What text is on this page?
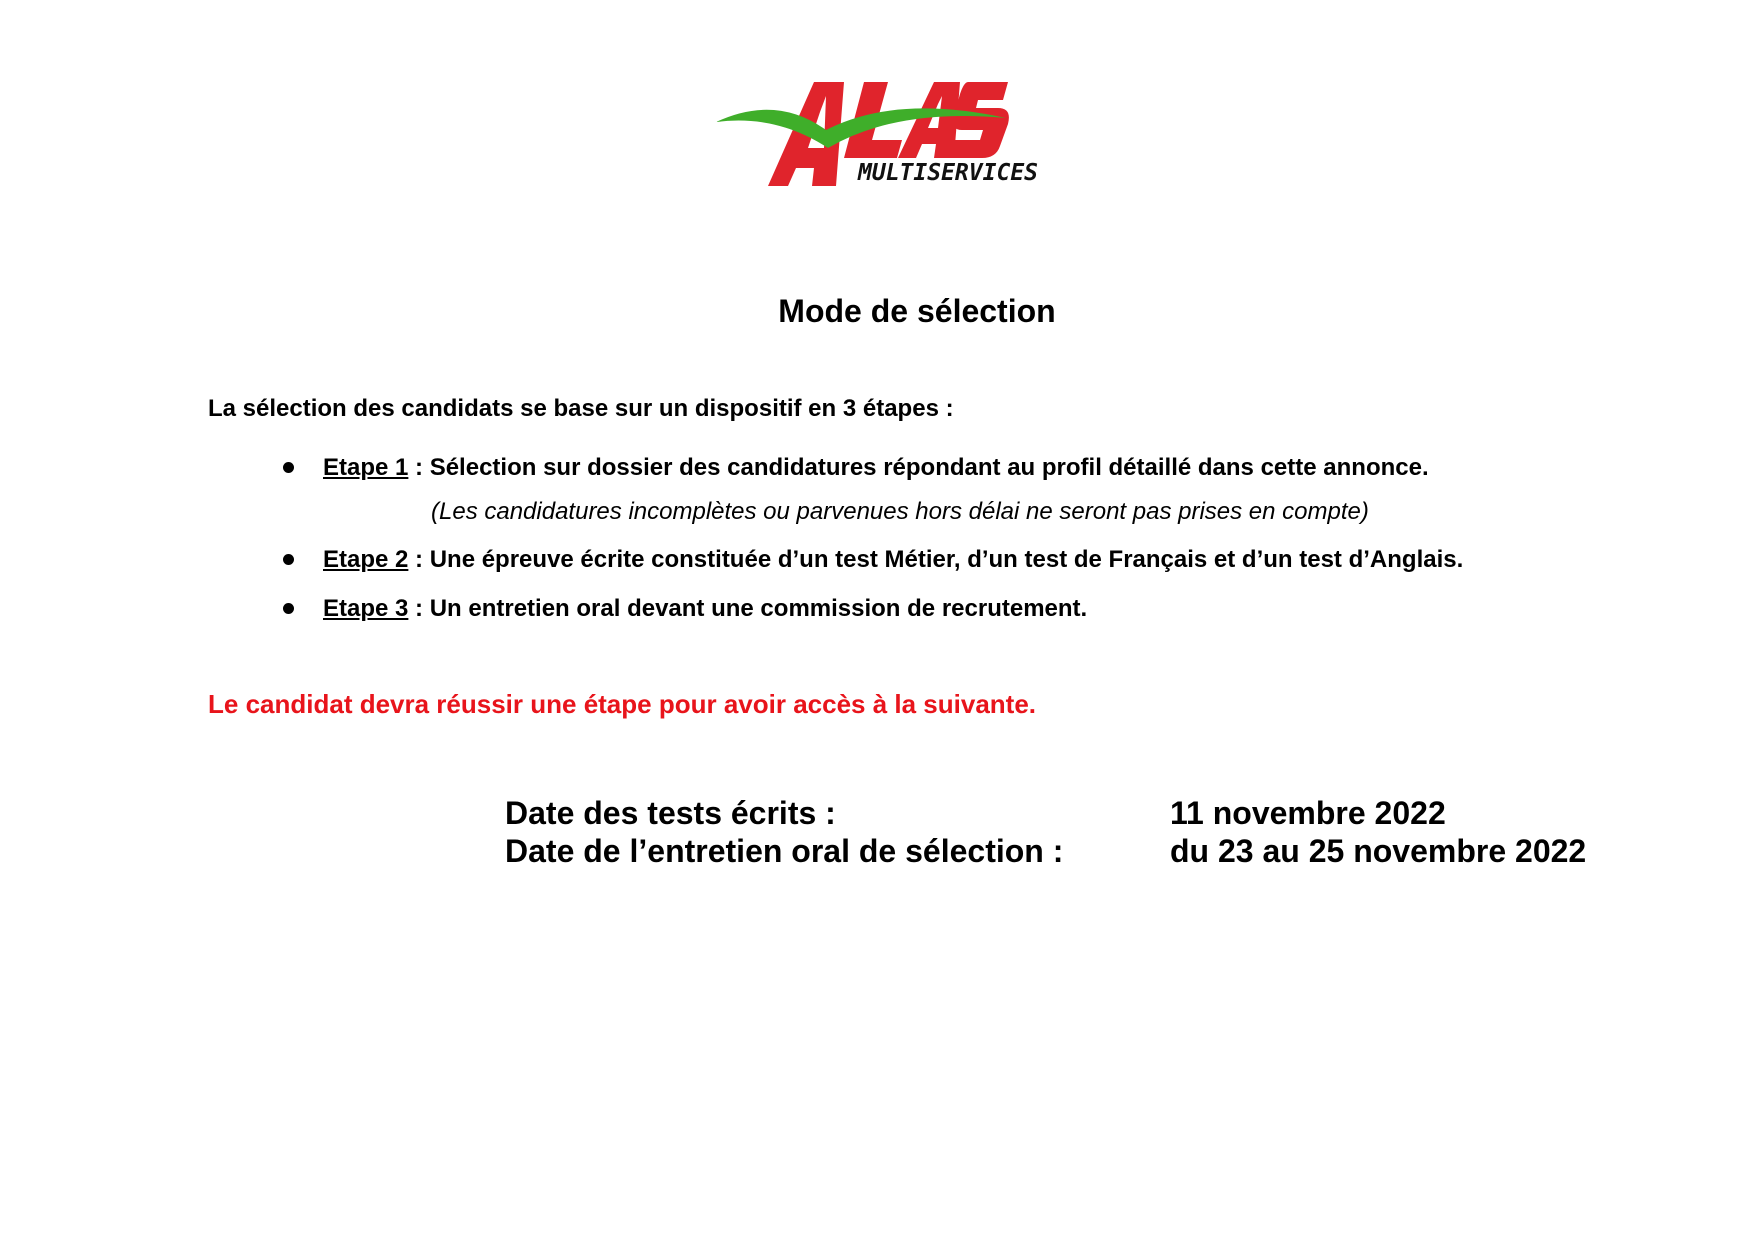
MULTISERVICES
Mode de sélection

La sélection des candidats se base sur un dispositif en 3 étapes :

Etape 1 : Sélection sur dossier des candidatures répondant au profil détaillé dans cette annonce.
(Les candidatures incomplètes ou parvenues hors délai ne seront pas prises en compte)
Etape 2 : Une épreuve écrite constituée d’un test Métier, d’un test de Français et d’un test d’Anglais.
Etape 3 : Un entretien oral devant une commission de recrutement.

Le candidat devra réussir une étape pour avoir accès à la suivante.

Date des tests écrits :	11 novembre 2022
Date de l’entretien oral de sélection :	du 23 au 25 novembre 2022
